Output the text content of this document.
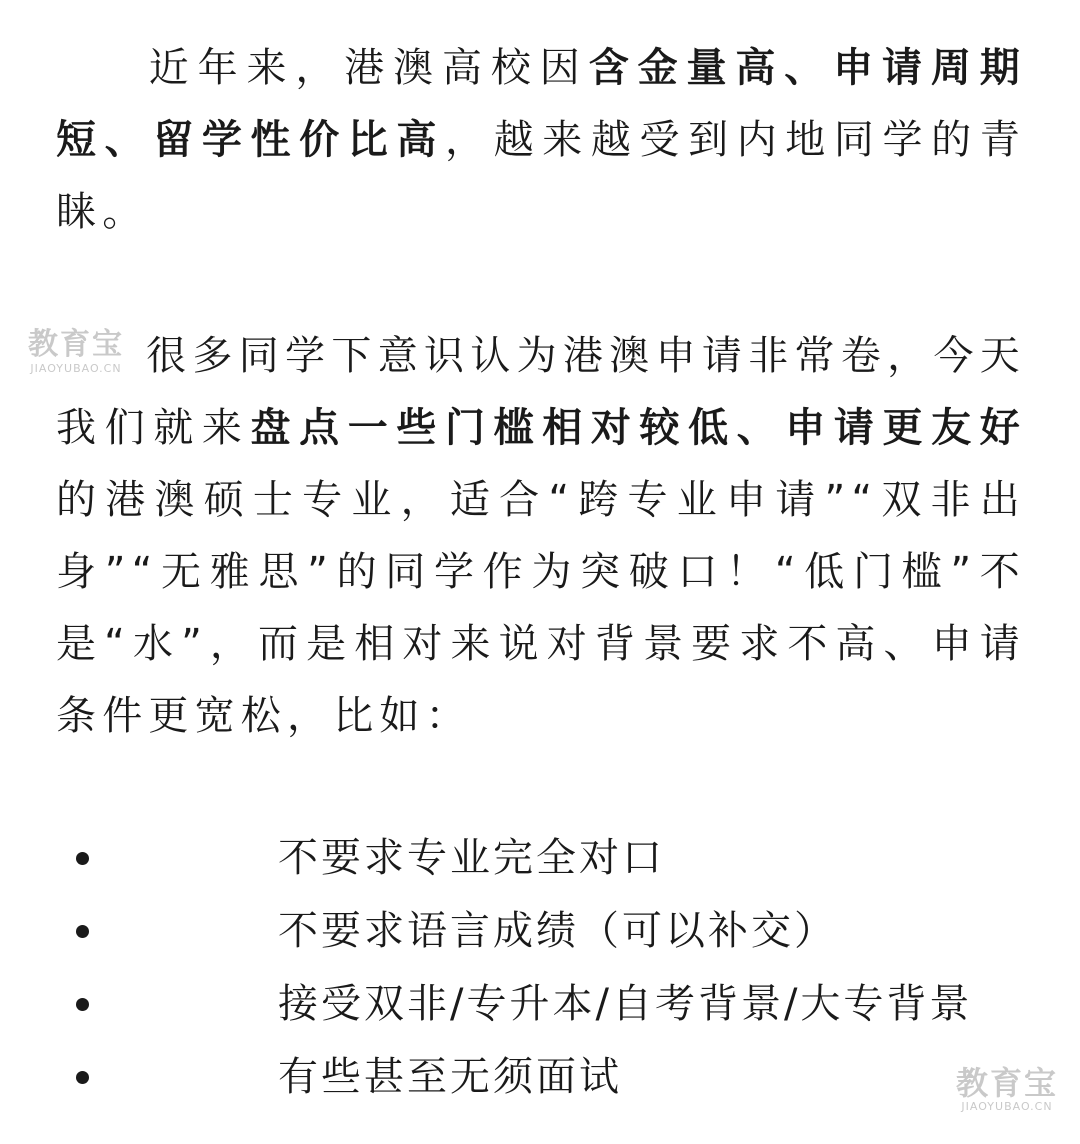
近年来，港澳高校因含金量高、申请周期短、留学性价比高，越来越受到内地同学的青睐。

很多同学下意识认为港澳申请非常卷，今天我们就来盘点一些门槛相对较低、申请更友好的港澳硕士专业，适合“跨专业申请”“双非出身”“无雅思”的同学作为突破口！“低门槛”不是“水”，而是相对来说对背景要求不高、申请条件更宽松，比如：

不要求专业完全对口
不要求语言成绩（可以补交）
接受双非/专升本/自考背景/大专背景
有些甚至无须面试
教育宝
JIAOYUBAO.CN
教育宝
JIAOYUBAO.CN
